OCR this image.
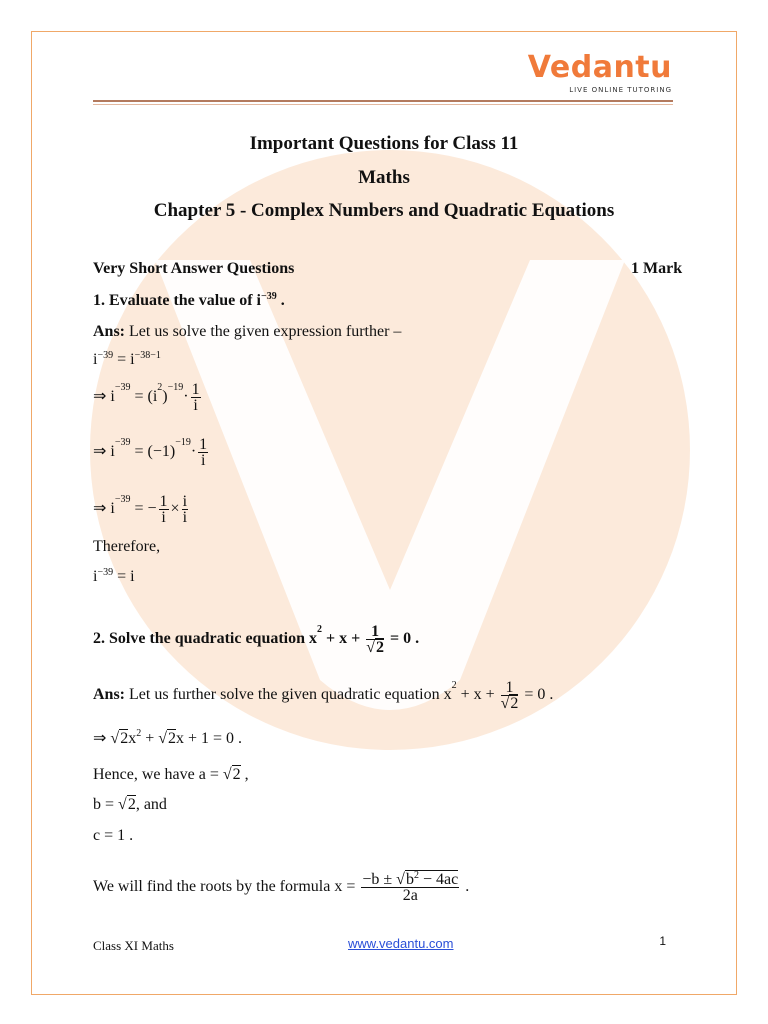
Vedantu
LIVE ONLINE TUTORING
Important Questions for Class 11
Maths
Chapter 5 - Complex Numbers and Quadratic Equations
Very Short Answer Questions	1 Mark
1. Evaluate the value of $i^{-39}$ .
Ans: Let us solve the given expression further –
$i^{-39} = i^{-38-1}$
⇒ $i^{-39} = (i^2)^{-19}\cdot \frac{1}{i}$
⇒ $i^{-39} = (-1)^{-19}\cdot \frac{1}{i}$
⇒ $i^{-39}$ = − $\frac{1}{i} \times \frac{i}{i}$
Therefore,
$i^{-39} = i$
2. Solve the quadratic equation $x^2 + x + \frac{1}{√2} = 0$ .
Ans: Let us further solve the given quadratic equation $x^2 + x + \frac{1}{√2} = 0$ .
⇒ $√2x^2 + √2x + 1 = 0$ .
Hence, we have a = √2 ,
b = √2, and
c = 1 .
We will find the roots by the formula $x = \frac{-b \pm √b^2 - 4ac}{2a}$ .
Class XI Maths	www.vedantu.com	1
